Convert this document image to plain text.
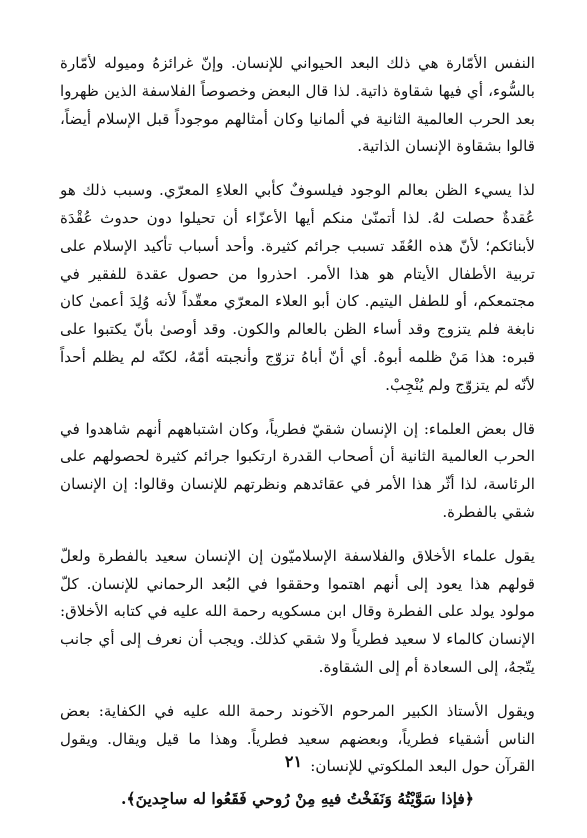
النفس الأمّارة هي ذلك البعد الحيواني للإنسان. وإنّ غرائزهُ وميوله لأمّارة بالسُّوء، أي فيها شقاوة ذاتية. لذا قال البعض وخصوصاً الفلاسفة الذين ظهروا بعد الحرب العالمية الثانية في ألمانيا وكان أمثالهم موجوداً قبل الإسلام أيضاً، قالوا بشقاوة الإنسان الذاتية.

لذا يسيء الظن بعالم الوجود فيلسوفٌ كأبي العلاءِ المعرّي. وسبب ذلك هو عُقدةٌ حصلت لهُ. لذا أتمنّىٰ منكم أيها الأعزّاء أن تحيلوا دون حدوث عُقْدَة لأبنائكم؛ لأنّ هذه العُقَد تسبب جرائم كثيرة. وأحد أسباب تأكيد الإسلام على تربية الأطفال الأيتام هو هذا الأمر. احذروا من حصول عقدة للفقير في مجتمعكم، أو للطفل اليتيم. كان أبو العلاء المعرّي معقّداً لأنه وُلِدَ أعمىٰ كان نابغة فلم يتزوج وقد أساء الظن بالعالم والكون. وقد أوصىٰ بأنّ يكتبوا على قبره: هذا مَنْ ظلمه أبوهُ. أي أنّ أباهُ تزوّج وأنجبته أمّهُ، لكنّه لم يظلم أحداً لأنّه لم يتزوّج ولم يُنْجِبْ.

قال بعض العلماء: إن الإنسان شقيّ فطرياً، وكان اشتباههم أنهم شاهدوا في الحرب العالمية الثانية أن أصحاب القدرة ارتكبوا جرائم كثيرة لحصولهم على الرئاسة، لذا أثّر هذا الأمر في عقائدهم ونظرتهم للإنسان وقالوا: إن الإنسان شقي بالفطرة.

يقول علماء الأخلاق والفلاسفة الإسلاميّون إن الإنسان سعيد بالفطرة ولعلّ قولهم هذا يعود إلى أنهم اهتموا وحققوا في البُعد الرحماني للإنسان. كلّ مولود يولد على الفطرة وقال ابن مسكويه رحمة الله عليه في كتابه الأخلاق: الإنسان كالماء لا سعيد فطرياً ولا شقي كذلك. ويجب أن نعرف إلى أي جانب يتّجهُ، إلى السعادة أم إلى الشقاوة.

ويقول الأستاذ الكبير المرحوم الآخوند رحمة الله عليه في الكفاية: بعض الناس أشقياء فطرياً، وبعضهم سعيد فطرياً. وهذا ما قيل ويقال. ويقول القرآن حول البعد الملكوتي للإنسان:

﴿فإذا سَوَّيْتُهُ وَنَفَخْتُ فيهِ مِنْ رُوحي فَقَعُوا له ساجِدينَ﴾.

٢١
